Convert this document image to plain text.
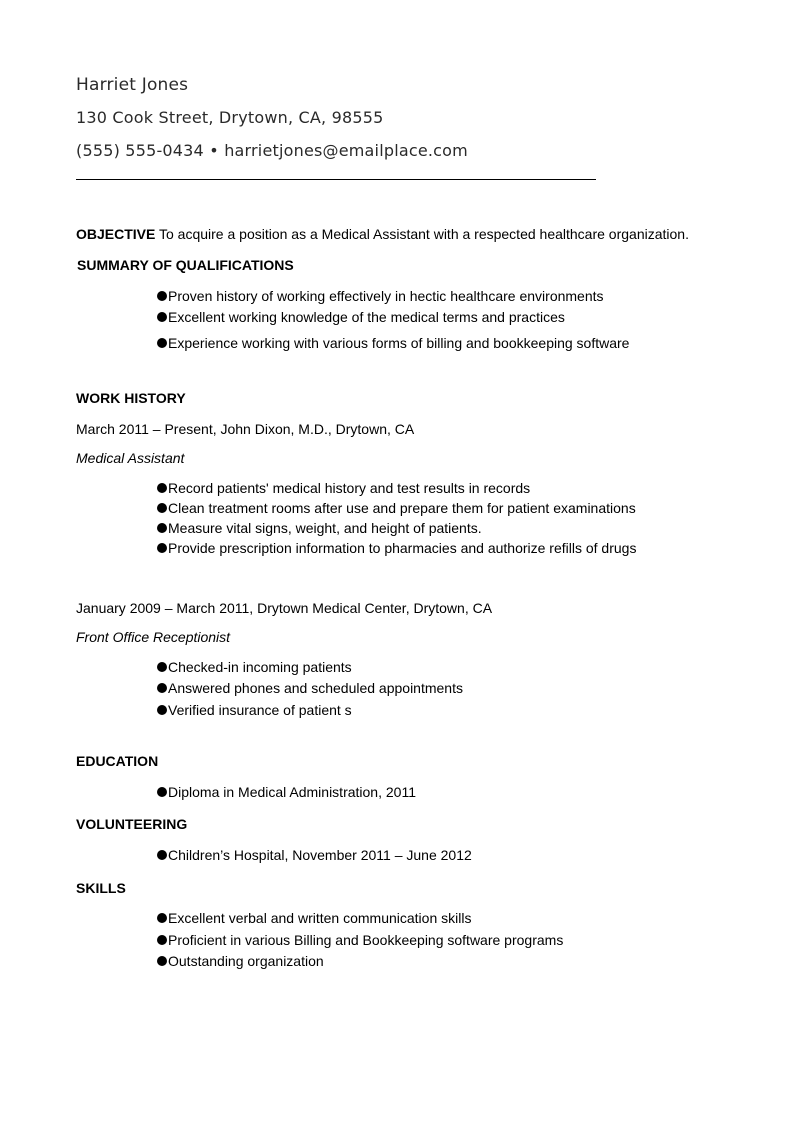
Harriet Jones
130 Cook Street, Drytown, CA, 98555
(555) 555-0434 • harrietjones@emailplace.com
OBJECTIVE To acquire a position as a Medical Assistant with a respected healthcare organization.
SUMMARY OF QUALIFICATIONS
Proven history of working effectively in hectic healthcare environments
Excellent working knowledge of the medical terms and practices
Experience working with various forms of billing and bookkeeping software
WORK HISTORY
March 2011 – Present, John Dixon, M.D., Drytown, CA
Medical Assistant
Record patients' medical history and test results in records
Clean treatment rooms after use and prepare them for patient examinations
Measure vital signs, weight, and height of patients.
Provide prescription information to pharmacies and authorize refills of drugs
January 2009 – March 2011, Drytown Medical Center, Drytown, CA
Front Office Receptionist
Checked-in incoming patients
Answered phones and scheduled appointments
Verified insurance of patient s
EDUCATION
Diploma in Medical Administration, 2011
VOLUNTEERING
Children’s Hospital, November 2011 – June 2012
SKILLS
Excellent verbal and written communication skills
Proficient in various Billing and Bookkeeping software programs
Outstanding organization
